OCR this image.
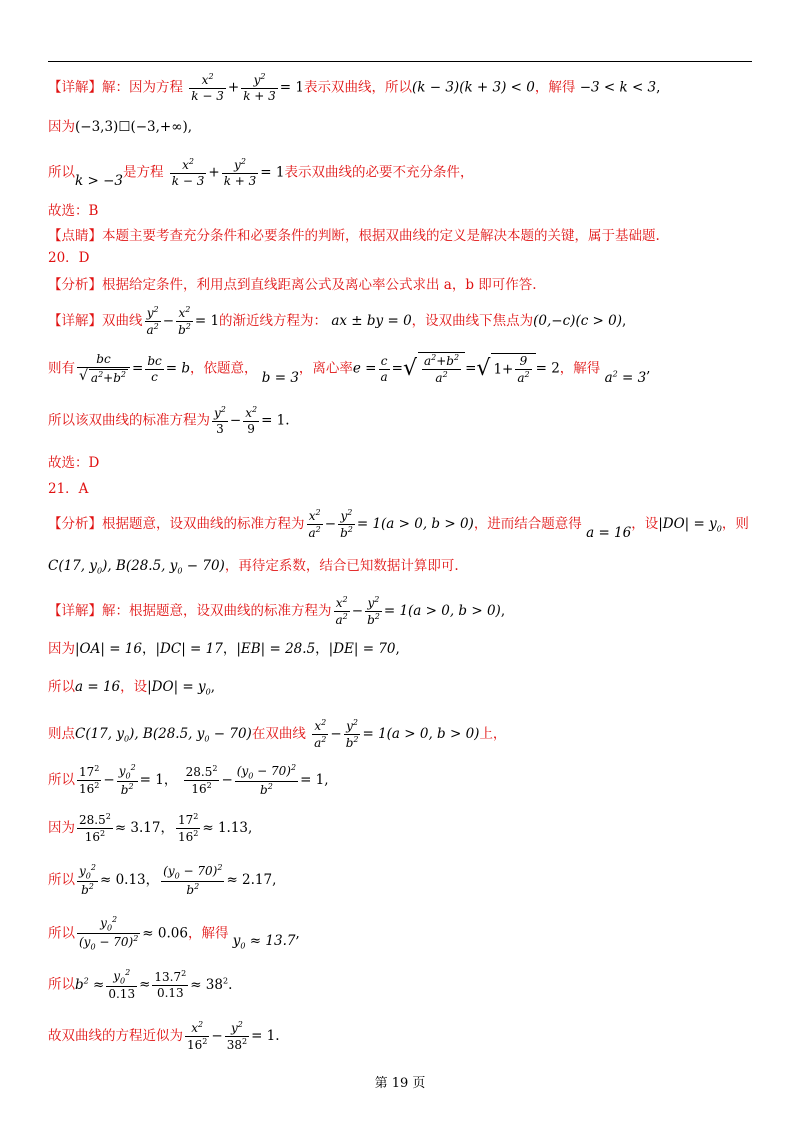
【详解】解：因为方程 $\frac{x^2}{k - 3} + \frac{y^2}{k + 3} = 1$表示双曲线，所以(k − 3)(k + 3) < 0，解得 −3 < k < 3,
因为(−3,3)☐(−3,+∞),
所以k > −3是方程 $\frac{x^2}{k - 3} + \frac{y^2}{k + 3} = 1$表示双曲线的必要不充分条件，
故选：B
【点睛】本题主要考查充分条件和必要条件的判断，根据双曲线的定义是解决本题的关键，属于基础题.
20．D
【分析】根据给定条件，利用点到直线距离公式及离心率公式求出 a，b 即可作答.
【详解】双曲线 $\frac{y^2}{a^2} - \frac{x^2}{b^2} = 1$的渐近线方程为： ax ± by = 0，设双曲线下焦点为(0,−c)(c > 0),
则有 $\frac{bc}{√ a^2+b^2} = \frac{bc}{c} = b$，依题意， b = 3，离心率$e = \frac{c}{a}$ =√ $\frac{a^2+b^2}{a^2}$ =√ $1+ \frac{9}{a^2} = 2$，解得 $a^2 = 3$,
所以该双曲线的标准方程为 $\frac{y^2}{3} - \frac{x^2}{9} = 1$.
故选：D
21．A
【分析】根据题意，设双曲线的标准方程为 $\frac{x^2}{a^2} - \frac{y^2}{b^2} = 1(a > 0$, b > 0)，进而结合题意得 a = 16，设$|DO| = y_0$，则
C(17, $y_0$), B(28.5, $y_0 - 70$)，再待定系数，结合已知数据计算即可.
【详解】解：根据题意，设双曲线的标准方程为 $\frac{x^2}{a^2} - \frac{y^2}{b^2} = 1(a > 0$, b > 0),
因为|OA| = 16，|DC| = 17，|EB| = 28.5，|DE| = 70,
所以a = 16，设$|DO| = y_0$,
则点C(17, $y_0$), B(28.5, $y_0 - 70$)在双曲线 $\frac{x^2}{a^2} - \frac{y^2}{b^2} = 1(a > 0$, b > 0)上，
所以 $\frac{17^2}{16^2} - \frac{y_0^2}{b^2} = 1$， $\frac{28.5^2}{16^2} - \frac{(y_0 - 70)^2}{b^2} = 1$,
因为 $\frac{28.5^2}{16^2} \approx 3.17$， $\frac{17^2}{16^2} \approx 1.13$,
所以 $\frac{y_0^2}{b^2} \approx 0.13$， $\frac{(y_0 - 70)^2}{b^2} \approx 2.17$,
所以 $\frac{y_0^2}{(y_0 - 70)^2} \approx 0.06$，解得 $y_0 \approx 13.7$,
所以$b^2 \approx \frac{y_0^2}{0.13} \approx \frac{13.7^2}{0.13} \approx 38^2$.
故双曲线的方程近似为 $\frac{x^2}{16^2} - \frac{y^2}{38^2} = 1$.
第 19 页
